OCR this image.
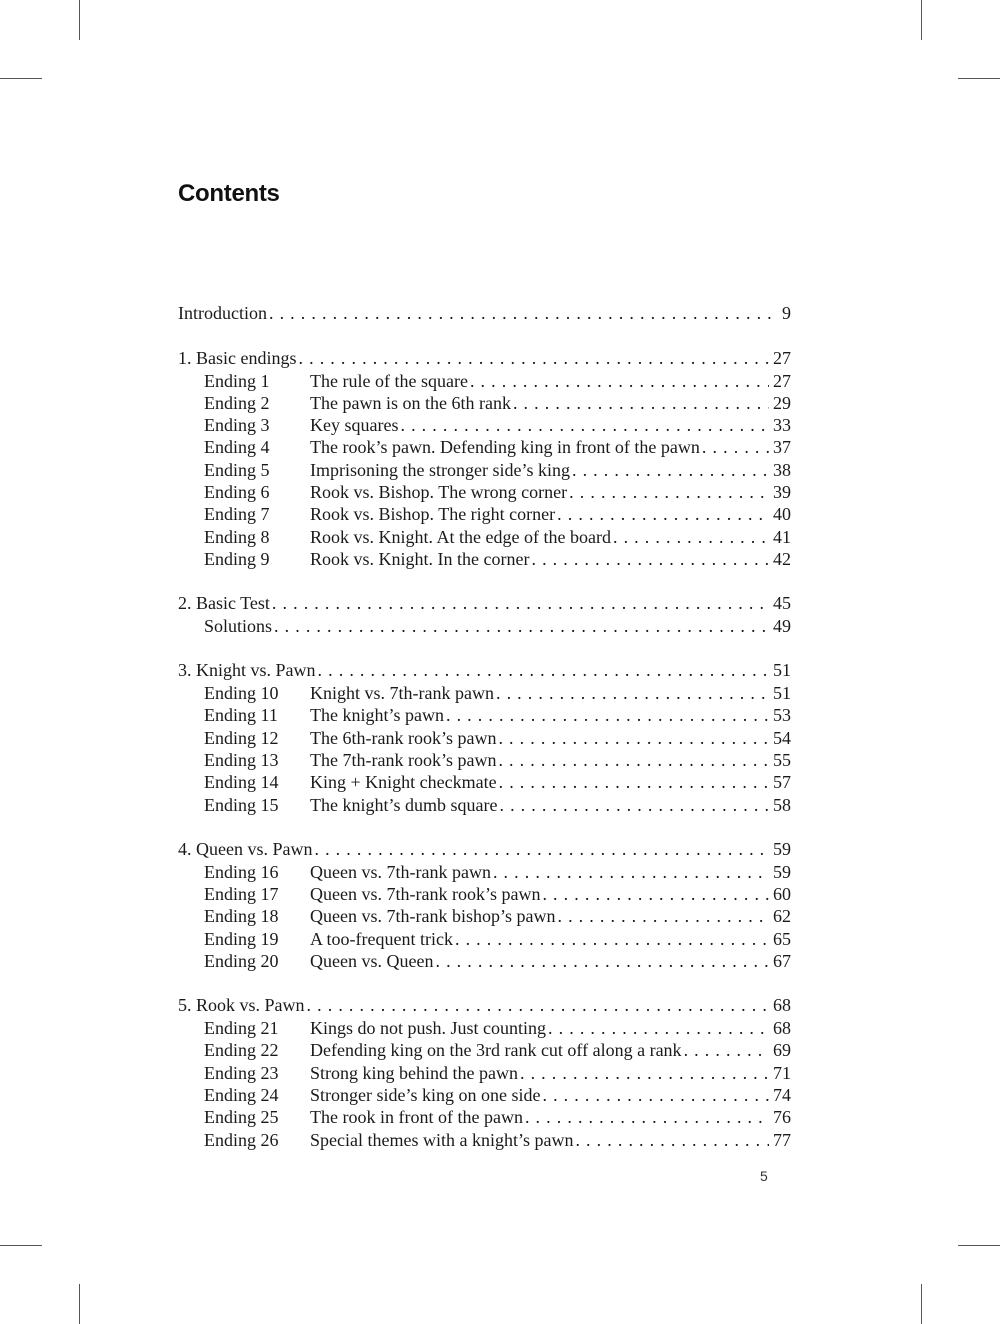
Contents
Introduction . . .	9
1. Basic endings . . .	27
Ending 1	The rule of the square . . .	27
Ending 2	The pawn is on the 6th rank . . .	29
Ending 3	Key squares . . .	33
Ending 4	The rook’s pawn. Defending king in front of the pawn . . .	37
Ending 5	Imprisoning the stronger side’s king . . .	38
Ending 6	Rook vs. Bishop. The wrong corner . . .	39
Ending 7	Rook vs. Bishop. The right corner . . .	40
Ending 8	Rook vs. Knight. At the edge of the board . . .	41
Ending 9	Rook vs. Knight. In the corner . . .	42
2. Basic Test . . .	45
Solutions . . .	49
3. Knight vs. Pawn . . .	51
Ending 10	Knight vs. 7th-rank pawn . . .	51
Ending 11	The knight’s pawn . . .	53
Ending 12	The 6th-rank rook’s pawn . . .	54
Ending 13	The 7th-rank rook’s pawn . . .	55
Ending 14	King + Knight checkmate . . .	57
Ending 15	The knight’s dumb square . . .	58
4. Queen vs. Pawn . . .	59
Ending 16	Queen vs. 7th-rank pawn . . .	59
Ending 17	Queen vs. 7th-rank rook’s pawn . . .	60
Ending 18	Queen vs. 7th-rank bishop’s pawn . . .	62
Ending 19	A too-frequent trick . . .	65
Ending 20	Queen vs. Queen . . .	67
5. Rook vs. Pawn . . .	68
Ending 21	Kings do not push. Just counting . . .	68
Ending 22	Defending king on the 3rd rank cut off along a rank . . .	69
Ending 23	Strong king behind the pawn . . .	71
Ending 24	Stronger side’s king on one side . . .	74
Ending 25	The rook in front of the pawn . . .	76
Ending 26	Special themes with a knight’s pawn . . .	77
5
